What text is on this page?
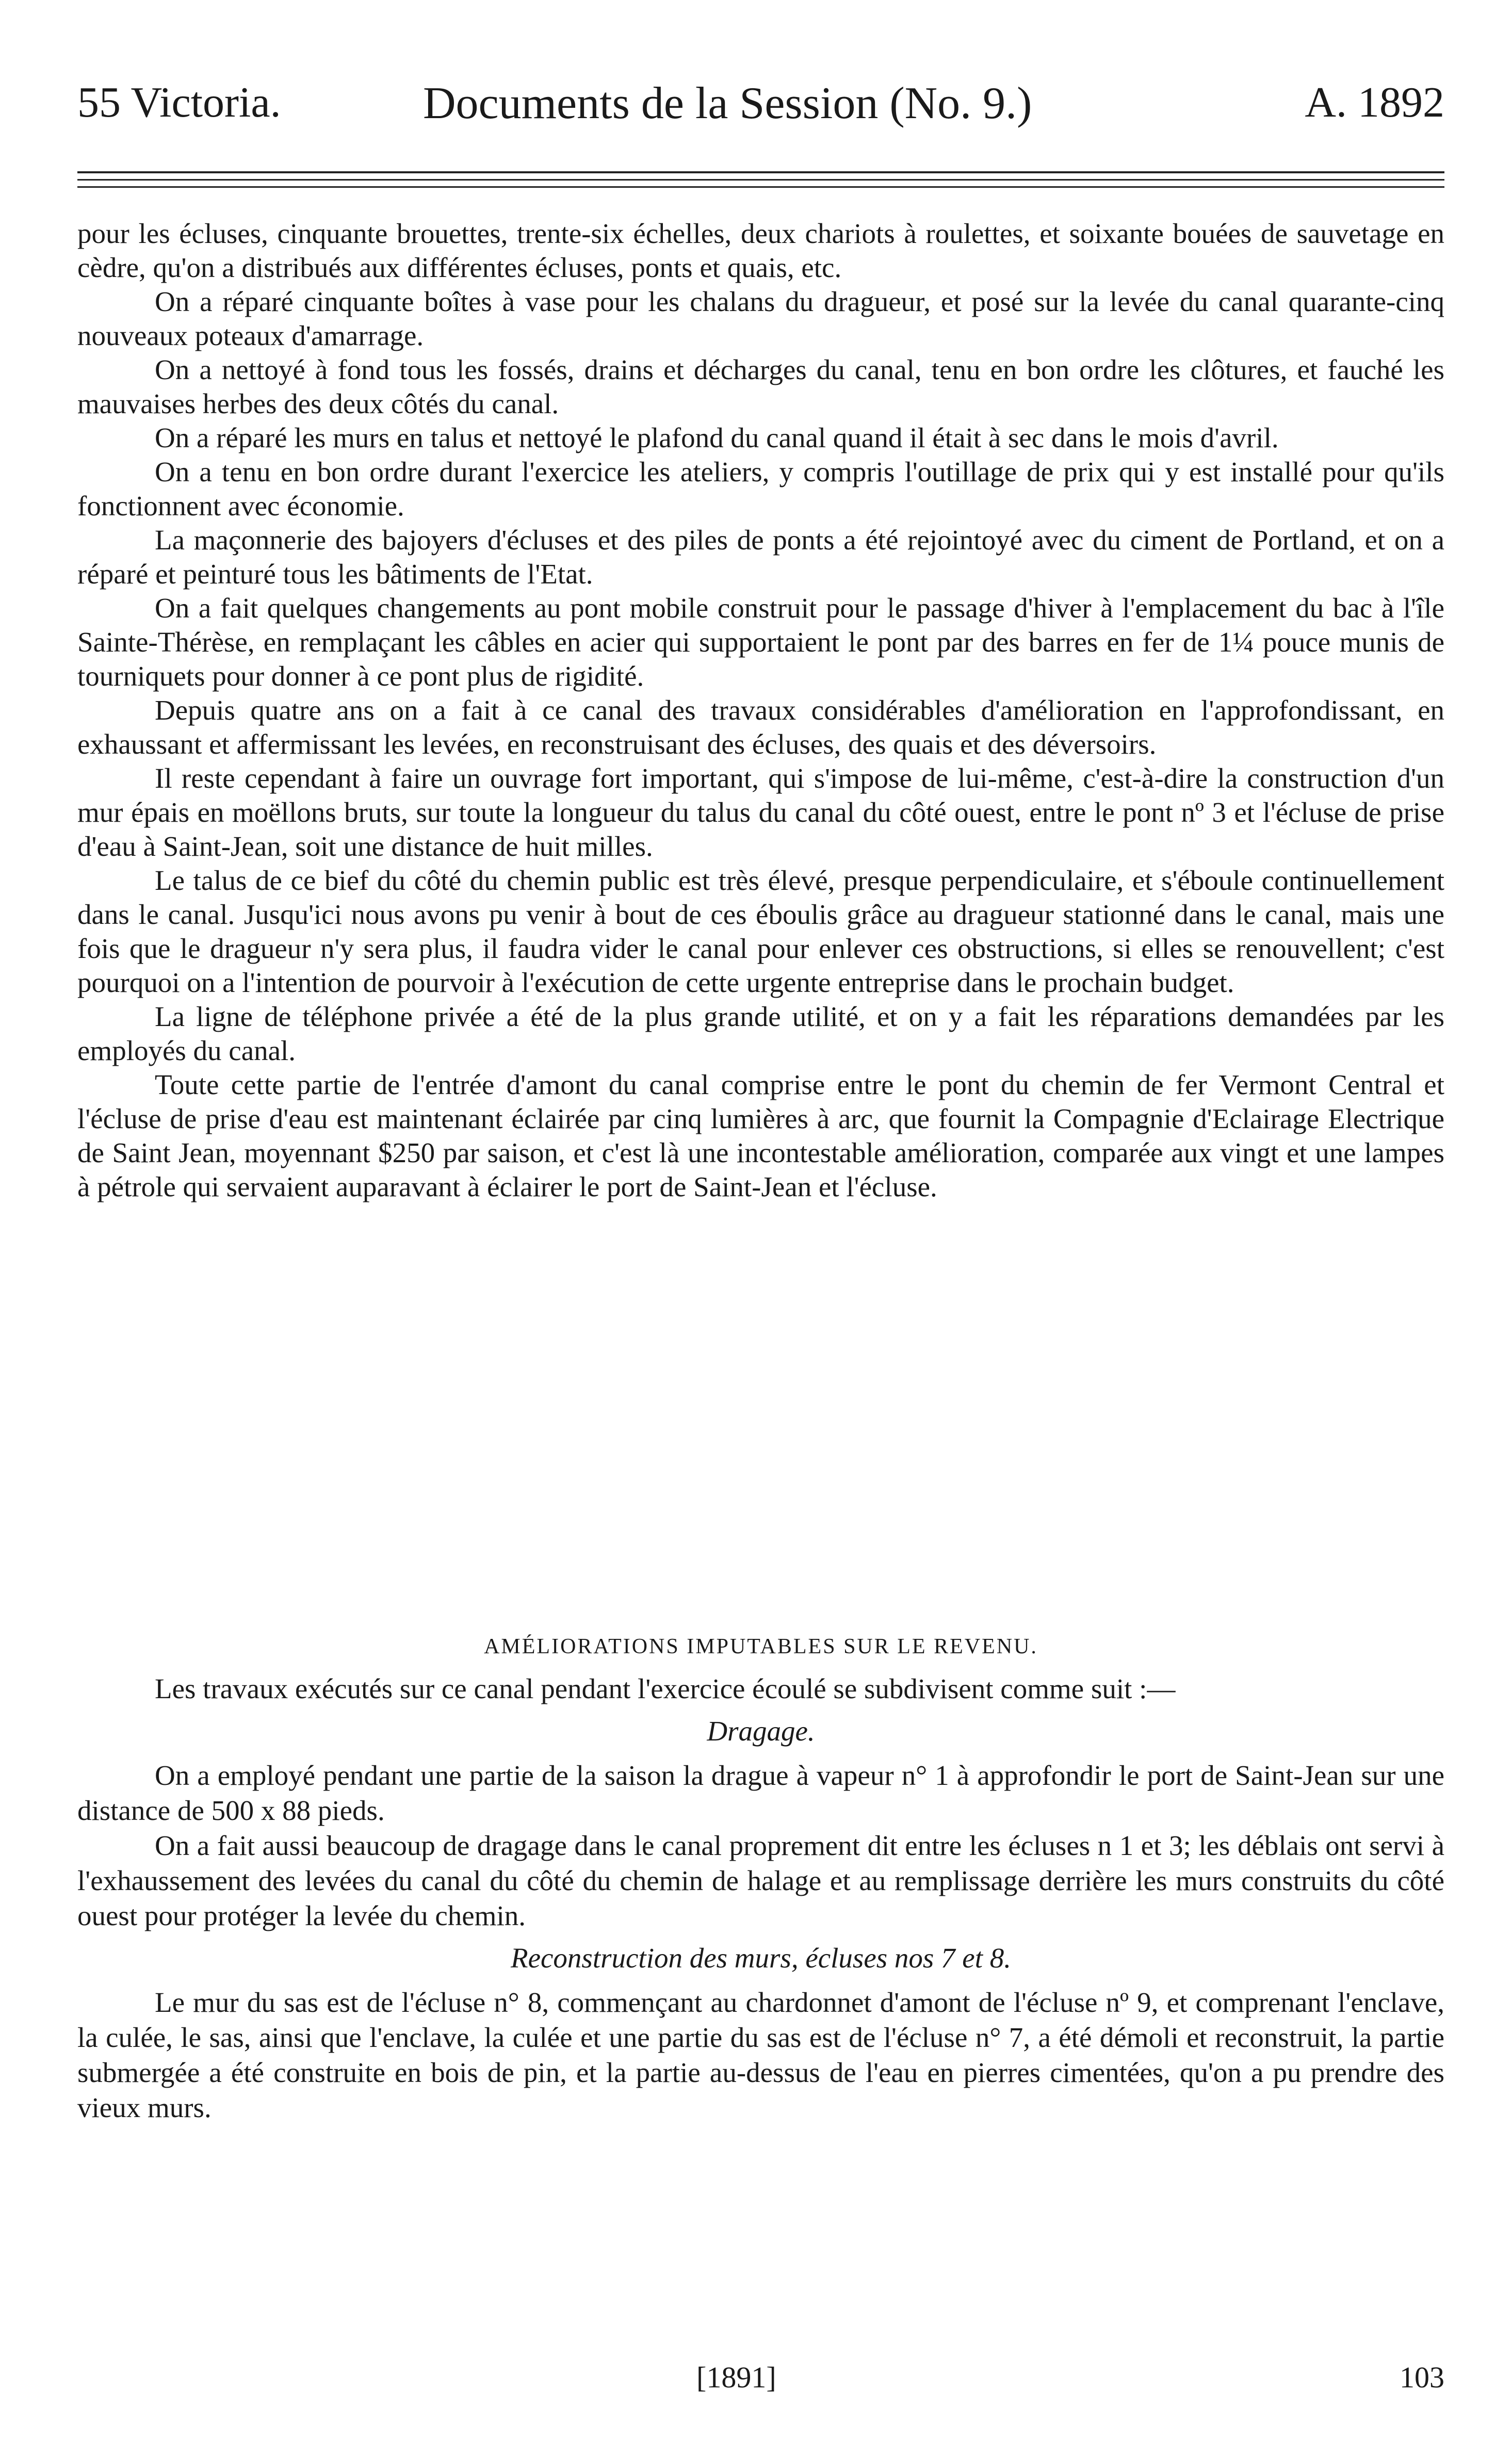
55 Victoria.	Documents de la Session (No. 9.)	A. 1892

pour les écluses, cinquante brouettes, trente-six échelles, deux chariots à roulettes, et soixante bouées de sauvetage en cèdre, qu'on a distribués aux différentes écluses, ponts et quais, etc.

On a réparé cinquante boîtes à vase pour les chalans du dragueur, et posé sur la levée du canal quarante-cinq nouveaux poteaux d'amarrage.

On a nettoyé à fond tous les fossés, drains et décharges du canal, tenu en bon ordre les clôtures, et fauché les mauvaises herbes des deux côtés du canal.

On a réparé les murs en talus et nettoyé le plafond du canal quand il était à sec dans le mois d'avril.

On a tenu en bon ordre durant l'exercice les ateliers, y compris l'outillage de prix qui y est installé pour qu'ils fonctionnent avec économie.

La maçonnerie des bajoyers d'écluses et des piles de ponts a été rejointoyé avec du ciment de Portland, et on a réparé et peinturé tous les bâtiments de l'Etat.

On a fait quelques changements au pont mobile construit pour le passage d'hiver à l'emplacement du bac à l'île Sainte-Thérèse, en remplaçant les câbles en acier qui supportaient le pont par des barres en fer de 1¼ pouce munis de tourniquets pour donner à ce pont plus de rigidité.

Depuis quatre ans on a fait à ce canal des travaux considérables d'amélioration en l'approfondissant, en exhaussant et affermissant les levées, en reconstruisant des écluses, des quais et des déversoirs.

Il reste cependant à faire un ouvrage fort important, qui s'impose de lui-même, c'est-à-dire la construction d'un mur épais en moëllons bruts, sur toute la longueur du talus du canal du côté ouest, entre le pont nº 3 et l'écluse de prise d'eau à Saint-Jean, soit une distance de huit milles.

Le talus de ce bief du côté du chemin public est très élevé, presque perpendiculaire, et s'éboule continuellement dans le canal. Jusqu'ici nous avons pu venir à bout de ces éboulis grâce au dragueur stationné dans le canal, mais une fois que le dragueur n'y sera plus, il faudra vider le canal pour enlever ces obstructions, si elles se renouvellent; c'est pourquoi on a l'intention de pourvoir à l'exécution de cette urgente entreprise dans le prochain budget.

La ligne de téléphone privée a été de la plus grande utilité, et on y a fait les réparations demandées par les employés du canal.

Toute cette partie de l'entrée d'amont du canal comprise entre le pont du chemin de fer Vermont Central et l'écluse de prise d'eau est maintenant éclairée par cinq lumières à arc, que fournit la Compagnie d'Eclairage Electrique de Saint Jean, moyennant $250 par saison, et c'est là une incontestable amélioration, comparée aux vingt et une lampes à pétrole qui servaient auparavant à éclairer le port de Saint-Jean et l'écluse.

AMÉLIORATIONS IMPUTABLES SUR LE REVENU.

Les travaux exécutés sur ce canal pendant l'exercice écoulé se subdivisent comme suit :—

Dragage.

On a employé pendant une partie de la saison la drague à vapeur n° 1 à approfondir le port de Saint-Jean sur une distance de 500 x 88 pieds.

On a fait aussi beaucoup de dragage dans le canal proprement dit entre les écluses n 1 et 3; les déblais ont servi à l'exhaussement des levées du canal du côté du chemin de halage et au remplissage derrière les murs construits du côté ouest pour protéger la levée du chemin.

Reconstruction des murs, écluses nos 7 et 8.

Le mur du sas est de l'écluse n° 8, commençant au chardonnet d'amont de l'écluse nº 9, et comprenant l'enclave, la culée, le sas, ainsi que l'enclave, la culée et une partie du sas est de l'écluse n° 7, a été démoli et reconstruit, la partie submergée a été construite en bois de pin, et la partie au-dessus de l'eau en pierres cimentées, qu'on a pu prendre des vieux murs.

[1891]	103
